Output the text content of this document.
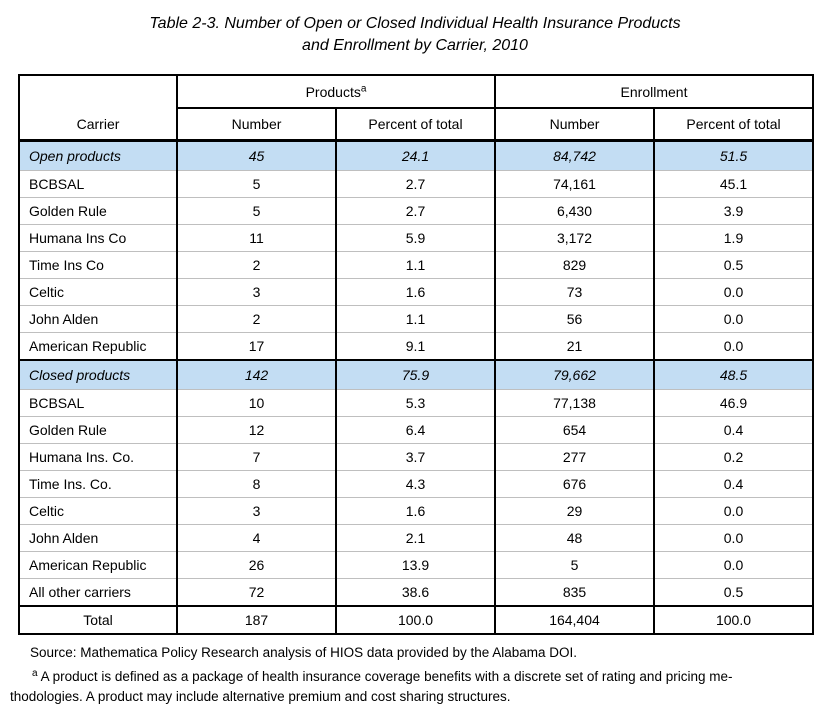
Table 2-3. Number of Open or Closed Individual Health Insurance Products
and Enrollment by Carrier, 2010
Carrier	Products$^a$		Enrollment	
	Number	Percent of total	Number	Percent of total
Open products	45	24.1	84,742	51.5
BCBSAL	5	2.7	74,161	45.1
Golden Rule	5	2.7	6,430	3.9
Humana Ins Co	11	5.9	3,172	1.9
Time Ins Co	2	1.1	829	0.5
Celtic	3	1.6	73	0.0
John Alden	2	1.1	56	0.0
American Republic	17	9.1	21	0.0
Closed products	142	75.9	79,662	48.5
BCBSAL	10	5.3	77,138	46.9
Golden Rule	12	6.4	654	0.4
Humana Ins. Co.	7	3.7	277	0.2
Time Ins. Co.	8	4.3	676	0.4
Celtic	3	1.6	29	0.0
John Alden	4	2.1	48	0.0
American Republic	26	13.9	5	0.0
All other carriers	72	38.6	835	0.5
Total	187	100.0	164,404	100.0
Source: Mathematica Policy Research analysis of HIOS data provided by the Alabama DOI.

$^a$ A product is defined as a package of health insurance coverage benefits with a discrete set of rating and pricing me-
thodologies. A product may include alternative premium and cost sharing structures.
